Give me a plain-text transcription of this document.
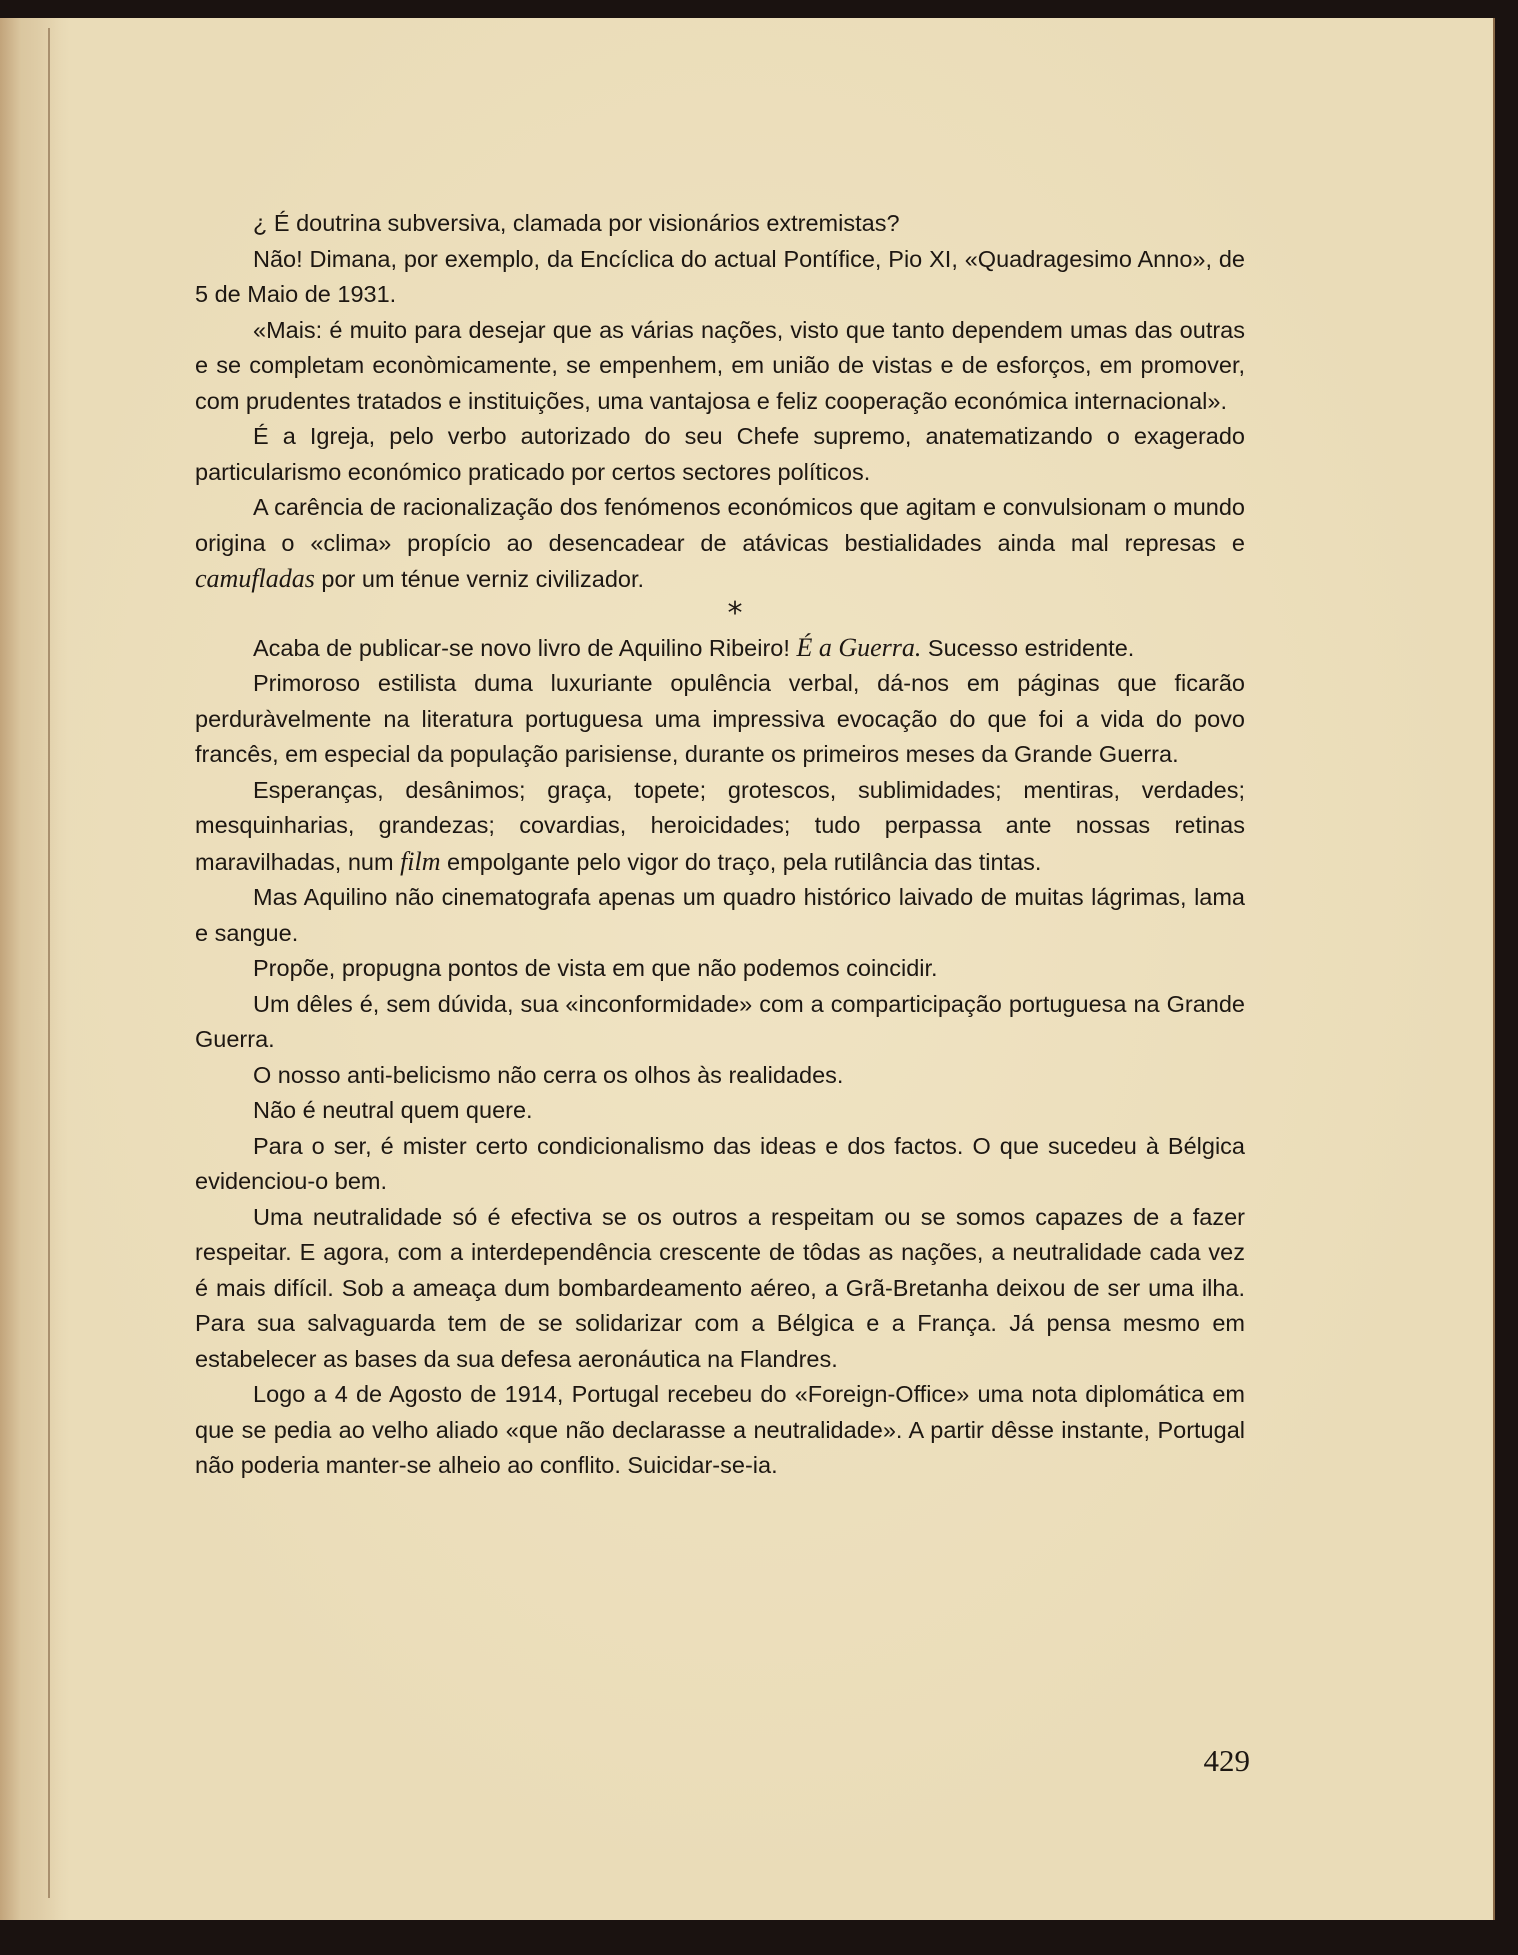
¿ É doutrina subversiva, clamada por visionários extremistas?

Não! Dimana, por exemplo, da Encíclica do actual Pontífice, Pio XI, «Quadragesimo Anno», de 5 de Maio de 1931.

«Mais: é muito para desejar que as várias nações, visto que tanto dependem umas das outras e se completam econòmicamente, se empenhem, em união de vistas e de esforços, em promover, com prudentes tratados e instituições, uma vantajosa e feliz cooperação económica internacional».

É a Igreja, pelo verbo autorizado do seu Chefe supremo, anatematizando o exagerado particularismo económico praticado por certos sectores políticos.

A carência de racionalização dos fenómenos económicos que agitam e convulsionam o mundo origina o «clima» propício ao desencadear de atávicas bestialidades ainda mal represas e camufladas por um ténue verniz civilizador.

*

Acaba de publicar-se novo livro de Aquilino Ribeiro! É a Guerra. Sucesso estridente.

Primoroso estilista duma luxuriante opulência verbal, dá-nos em páginas que ficarão perduràvelmente na literatura portuguesa uma impressiva evocação do que foi a vida do povo francês, em especial da população parisiense, durante os primeiros meses da Grande Guerra.

Esperanças, desânimos; graça, topete; grotescos, sublimidades; mentiras, verdades; mesquinharias, grandezas; covardias, heroicidades; tudo perpassa ante nossas retinas maravilhadas, num film empolgante pelo vigor do traço, pela rutilância das tintas.

Mas Aquilino não cinematografa apenas um quadro histórico laivado de muitas lágrimas, lama e sangue.

Propõe, propugna pontos de vista em que não podemos coincidir.

Um dêles é, sem dúvida, sua «inconformidade» com a comparticipação portuguesa na Grande Guerra.

O nosso anti-belicismo não cerra os olhos às realidades.

Não é neutral quem quere.

Para o ser, é mister certo condicionalismo das ideas e dos factos. O que sucedeu à Bélgica evidenciou-o bem.

Uma neutralidade só é efectiva se os outros a respeitam ou se somos capazes de a fazer respeitar. E agora, com a interdependência crescente de tôdas as nações, a neutralidade cada vez é mais difícil. Sob a ameaça dum bombardeamento aéreo, a Grã-Bretanha deixou de ser uma ilha. Para sua salvaguarda tem de se solidarizar com a Bélgica e a França. Já pensa mesmo em estabelecer as bases da sua defesa aeronáutica na Flandres.

Logo a 4 de Agosto de 1914, Portugal recebeu do «Foreign-Office» uma nota diplomática em que se pedia ao velho aliado «que não declarasse a neutralidade». A partir dêsse instante, Portugal não poderia manter-se alheio ao conflito. Suicidar-se-ia.

429
